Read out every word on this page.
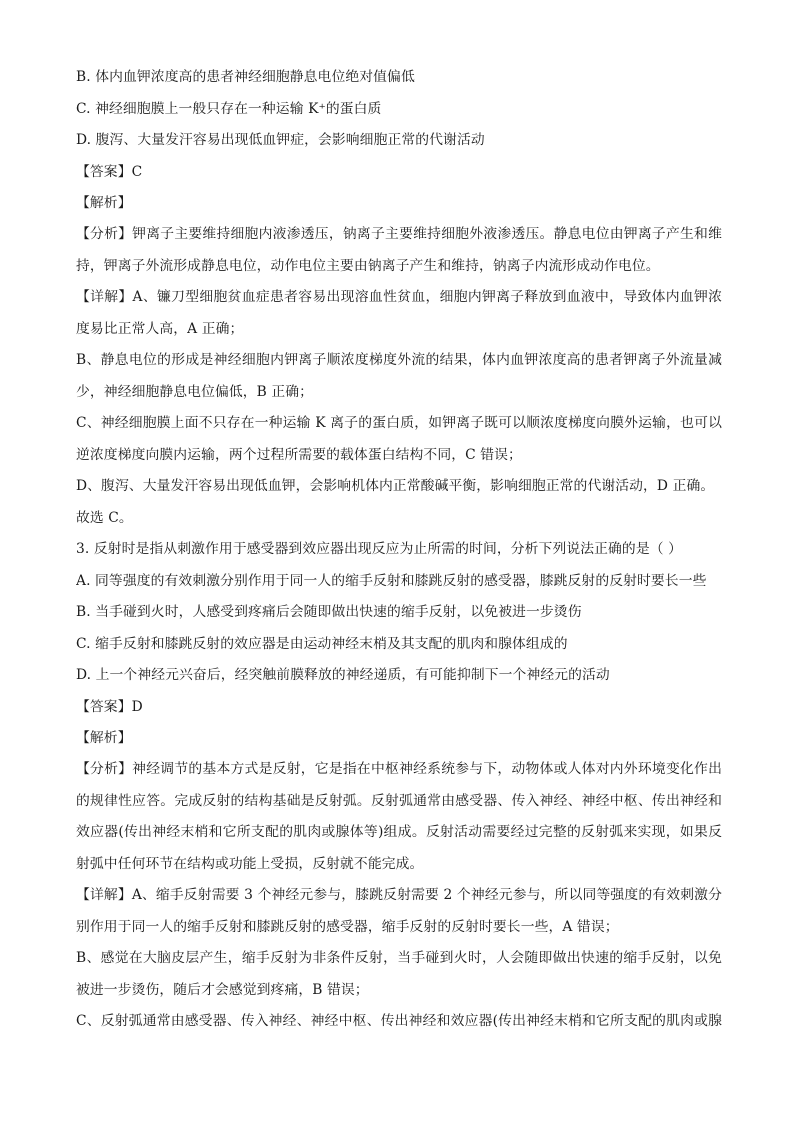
B. 体内血钾浓度高的患者神经细胞静息电位绝对值偏低
C. 神经细胞膜上一般只存在一种运输 K⁺的蛋白质
D. 腹泻、大量发汗容易出现低血钾症，会影响细胞正常的代谢活动
【答案】C
【解析】
【分析】钾离子主要维持细胞内液渗透压，钠离子主要维持细胞外液渗透压。静息电位由钾离子产生和维
持，钾离子外流形成静息电位，动作电位主要由钠离子产生和维持，钠离子内流形成动作电位。
【详解】A、镰刀型细胞贫血症患者容易出现溶血性贫血，细胞内钾离子释放到血液中，导致体内血钾浓
度易比正常人高，A 正确；
B、静息电位的形成是神经细胞内钾离子顺浓度梯度外流的结果，体内血钾浓度高的患者钾离子外流量减
少，神经细胞静息电位偏低，B 正确；
C、神经细胞膜上面不只存在一种运输 K 离子的蛋白质，如钾离子既可以顺浓度梯度向膜外运输，也可以
逆浓度梯度向膜内运输，两个过程所需要的载体蛋白结构不同，C 错误；
D、腹泻、大量发汗容易出现低血钾，会影响机体内正常酸碱平衡，影响细胞正常的代谢活动，D 正确。
故选 C。
3. 反射时是指从刺激作用于感受器到效应器出现反应为止所需的时间，分析下列说法正确的是（ ）
A. 同等强度的有效刺激分别作用于同一人的缩手反射和膝跳反射的感受器，膝跳反射的反射时要长一些
B. 当手碰到火时，人感受到疼痛后会随即做出快速的缩手反射，以免被进一步烫伤
C. 缩手反射和膝跳反射的效应器是由运动神经末梢及其支配的肌肉和腺体组成的
D. 上一个神经元兴奋后，经突触前膜释放的神经递质，有可能抑制下一个神经元的活动
【答案】D
【解析】
【分析】神经调节的基本方式是反射，它是指在中枢神经系统参与下，动物体或人体对内外环境变化作出
的规律性应答。完成反射的结构基础是反射弧。反射弧通常由感受器、传入神经、神经中枢、传出神经和
效应器(传出神经末梢和它所支配的肌肉或腺体等)组成。反射活动需要经过完整的反射弧来实现，如果反
射弧中任何环节在结构或功能上受损，反射就不能完成。
【详解】A、缩手反射需要 3 个神经元参与，膝跳反射需要 2 个神经元参与，所以同等强度的有效刺激分
别作用于同一人的缩手反射和膝跳反射的感受器，缩手反射的反射时要长一些，A 错误；
B、感觉在大脑皮层产生，缩手反射为非条件反射，当手碰到火时，人会随即做出快速的缩手反射，以免
被进一步烫伤，随后才会感觉到疼痛，B 错误；
C、反射弧通常由感受器、传入神经、神经中枢、传出神经和效应器(传出神经末梢和它所支配的肌肉或腺
